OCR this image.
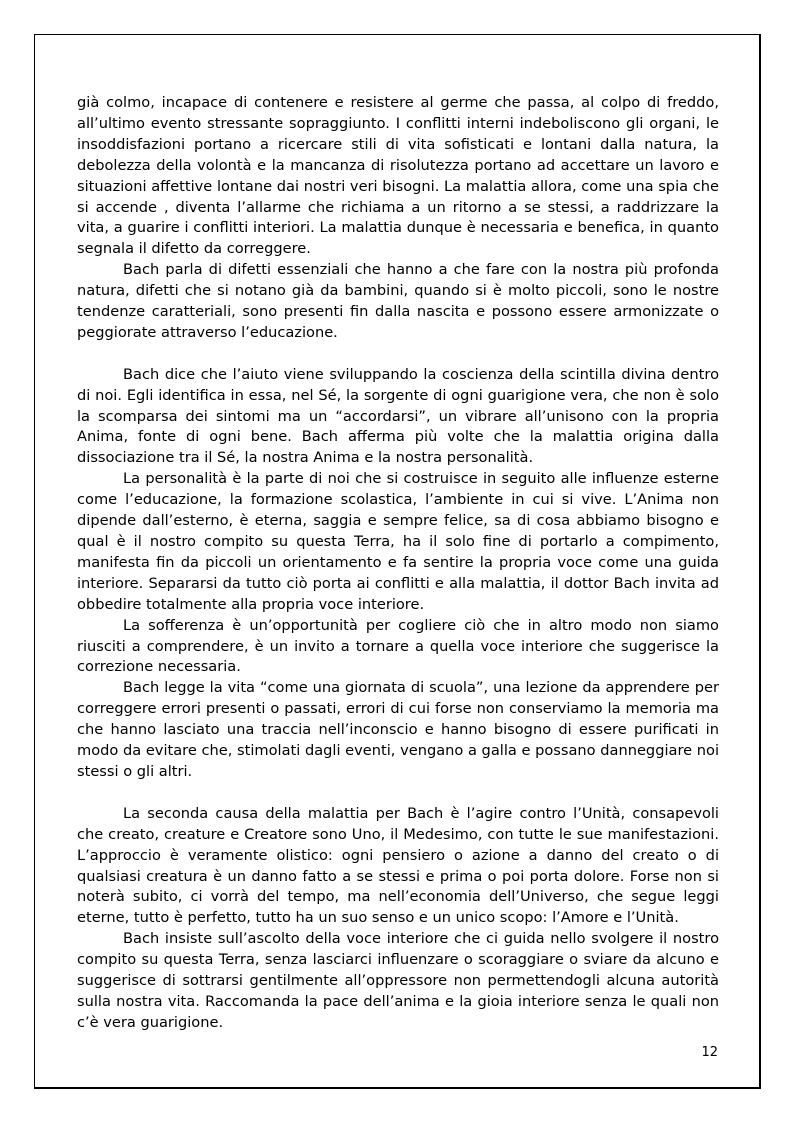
già colmo, incapace di contenere e resistere al germe che passa, al colpo di freddo, all’ultimo evento stressante sopraggiunto. I conflitti interni indeboliscono gli organi, le insoddisfazioni portano a ricercare stili di vita sofisticati e lontani dalla natura, la debolezza della volontà e la mancanza di risolutezza portano ad accettare un lavoro e situazioni affettive lontane dai nostri veri bisogni. La malattia allora, come una spia che si accende , diventa l’allarme che richiama a un ritorno a se stessi, a raddrizzare la vita, a guarire i conflitti interiori. La malattia dunque è necessaria e benefica, in quanto segnala il difetto da correggere.

Bach parla di difetti essenziali che hanno a che fare con la nostra più profonda natura, difetti che si notano già da bambini, quando si è molto piccoli, sono le nostre tendenze caratteriali, sono presenti fin dalla nascita e possono essere armonizzate o peggiorate attraverso l’educazione.

Bach dice che l’aiuto viene sviluppando la coscienza della scintilla divina dentro di noi. Egli identifica in essa, nel Sé, la sorgente di ogni guarigione vera, che non è solo la scomparsa dei sintomi ma un “accordarsi”, un vibrare all’unisono con la propria Anima, fonte di ogni bene. Bach afferma più volte che la malattia origina dalla dissociazione tra il Sé, la nostra Anima e la nostra personalità.

La personalità è la parte di noi che si costruisce in seguito alle influenze esterne come l’educazione, la formazione scolastica, l’ambiente in cui si vive. L’Anima non dipende dall’esterno, è eterna, saggia e sempre felice, sa di cosa abbiamo bisogno e qual è il nostro compito su questa Terra, ha il solo fine di portarlo a compimento, manifesta fin da piccoli un orientamento e fa sentire la propria voce come una guida interiore. Separarsi da tutto ciò porta ai conflitti e alla malattia, il dottor Bach invita ad obbedire totalmente alla propria voce interiore.

La sofferenza è un’opportunità per cogliere ciò che in altro modo non siamo riusciti a comprendere, è un invito a tornare a quella voce interiore che suggerisce la correzione necessaria.

Bach legge la vita “come una giornata di scuola”, una lezione da apprendere per correggere errori presenti o passati, errori di cui forse non conserviamo la memoria ma che hanno lasciato una traccia nell’inconscio e hanno bisogno di essere purificati in modo da evitare che, stimolati dagli eventi, vengano a galla e possano danneggiare noi stessi o gli altri.

La seconda causa della malattia per Bach è l’agire contro l’Unità, consapevoli che creato, creature e Creatore sono Uno, il Medesimo, con tutte le sue manifestazioni. L’approccio è veramente olistico: ogni pensiero o azione a danno del creato o di qualsiasi creatura è un danno fatto a se stessi e prima o poi porta dolore. Forse non si noterà subito, ci vorrà del tempo, ma nell’economia dell’Universo, che segue leggi eterne, tutto è perfetto, tutto ha un suo senso e un unico scopo: l’Amore e l’Unità.

Bach insiste sull’ascolto della voce interiore che ci guida nello svolgere il nostro compito su questa Terra, senza lasciarci influenzare o scoraggiare o sviare da alcuno e suggerisce di sottrarsi gentilmente all’oppressore non permettendogli alcuna autorità sulla nostra vita. Raccomanda la pace dell’anima e la gioia interiore senza le quali non c’è vera guarigione.

12
